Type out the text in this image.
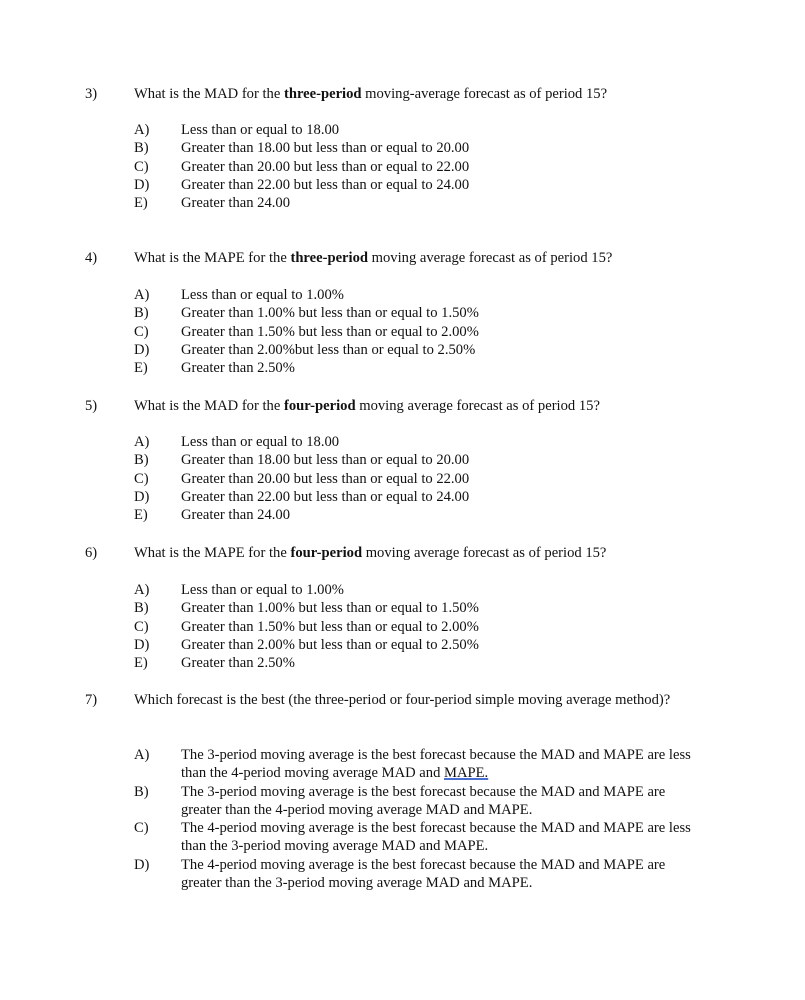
3)	What is the MAD for the three-period moving-average forecast as of period 15?
A) Less than or equal to 18.00
B) Greater than 18.00 but less than or equal to 20.00
C) Greater than 20.00 but less than or equal to 22.00
D) Greater than 22.00 but less than or equal to 24.00
E) Greater than 24.00
4)	What is the MAPE for the three-period moving average forecast as of period 15?
A) Less than or equal to 1.00%
B) Greater than 1.00% but less than or equal to 1.50%
C) Greater than 1.50% but less than or equal to 2.00%
D) Greater than 2.00%but less than or equal to 2.50%
E) Greater than 2.50%
5)	What is the MAD for the four-period moving average forecast as of period 15?
A) Less than or equal to 18.00
B) Greater than 18.00 but less than or equal to 20.00
C) Greater than 20.00 but less than or equal to 22.00
D) Greater than 22.00 but less than or equal to 24.00
E) Greater than 24.00
6)	What is the MAPE for the four-period moving average forecast as of period 15?
A) Less than or equal to 1.00%
B) Greater than 1.00% but less than or equal to 1.50%
C) Greater than 1.50% but less than or equal to 2.00%
D) Greater than 2.00% but less than or equal to 2.50%
E) Greater than 2.50%
7)	Which forecast is the best (the three-period or four-period simple moving average method)?
A) The 3-period moving average is the best forecast because the MAD and MAPE are less than the 4-period moving average MAD and MAPE.
B) The 3-period moving average is the best forecast because the MAD and MAPE are greater than the 4-period moving average MAD and MAPE.
C) The 4-period moving average is the best forecast because the MAD and MAPE are less than the 3-period moving average MAD and MAPE.
D) The 4-period moving average is the best forecast because the MAD and MAPE are greater than the 3-period moving average MAD and MAPE.
